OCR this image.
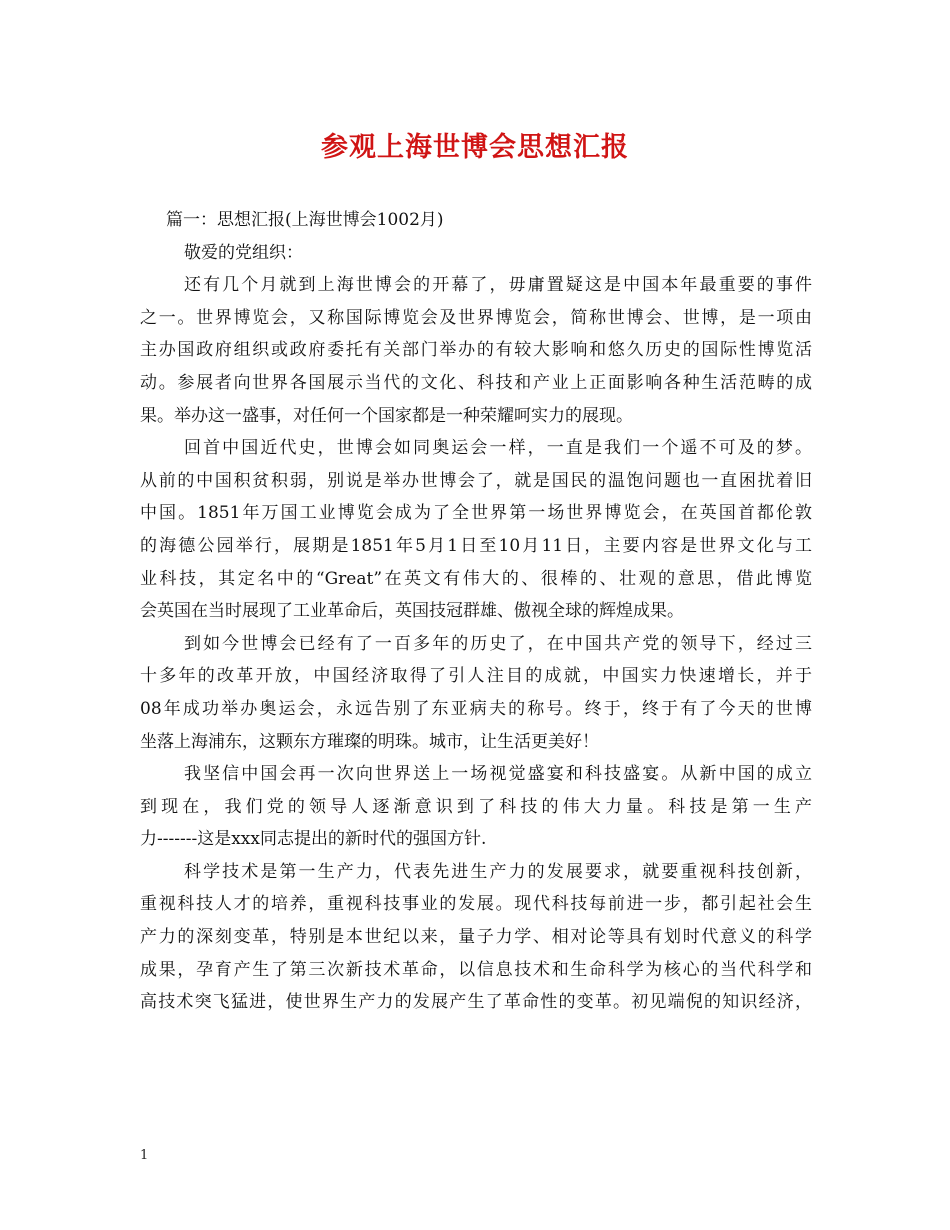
参观上海世博会思想汇报

篇一：思想汇报(上海世博会1002月)

敬爱的党组织：

还有几个月就到上海世博会的开幕了，毋庸置疑这是中国本年最重要的事件
之一。世界博览会，又称国际博览会及世界博览会，简称世博会、世博，是一项由
主办国政府组织或政府委托有关部门举办的有较大影响和悠久历史的国际性博览活
动。参展者向世界各国展示当代的文化、科技和产业上正面影响各种生活范畴的成
果。举办这一盛事，对任何一个国家都是一种荣耀呵实力的展现。

回首中国近代史，世博会如同奥运会一样，一直是我们一个遥不可及的梦。
从前的中国积贫积弱，别说是举办世博会了，就是国民的温饱问题也一直困扰着旧
中国。1851年万国工业博览会成为了全世界第一场世界博览会，在英国首都伦敦
的海德公园举行，展期是1851年5月1日至10月11日，主要内容是世界文化与工
业科技，其定名中的“Great”在英文有伟大的、很棒的、壮观的意思，借此博览
会英国在当时展现了工业革命后，英国技冠群雄、傲视全球的辉煌成果。

到如今世博会已经有了一百多年的历史了，在中国共产党的领导下，经过三
十多年的改革开放，中国经济取得了引人注目的成就，中国实力快速增长，并于
08年成功举办奥运会，永远告别了东亚病夫的称号。终于，终于有了今天的世博
坐落上海浦东，这颗东方璀璨的明珠。城市，让生活更美好！

我坚信中国会再一次向世界送上一场视觉盛宴和科技盛宴。从新中国的成立
到现在，我们党的领导人逐渐意识到了科技的伟大力量。科技是第一生产
力-------这是xxx同志提出的新时代的强国方针.

科学技术是第一生产力，代表先进生产力的发展要求，就要重视科技创新，
重视科技人才的培养，重视科技事业的发展。现代科技每前进一步，都引起社会生
产力的深刻变革，特别是本世纪以来，量子力学、相对论等具有划时代意义的科学
成果，孕育产生了第三次新技术革命，以信息技术和生命科学为核心的当代科学和
高技术突飞猛进，使世界生产力的发展产生了革命性的变革。初见端倪的知识经济，

1
